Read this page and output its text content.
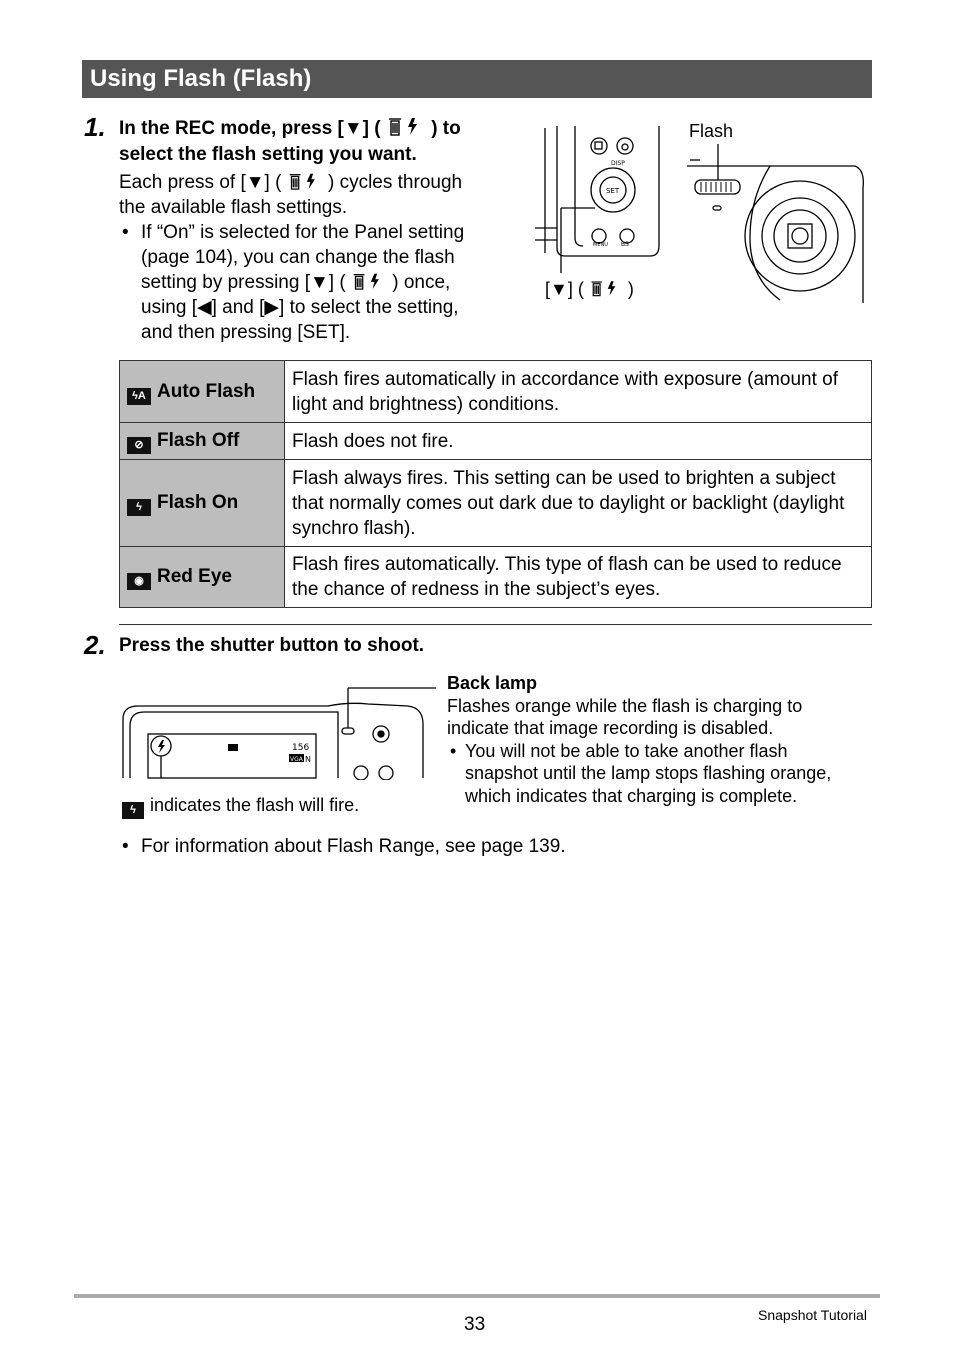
Using Flash (Flash)
1. In the REC mode, press [▼] (	) to
select the flash setting you want.
Each press of [▼] ( ) cycles through
the available flash settings.
• If “On” is selected for the Panel setting
(page 104), you can change the flash
setting by pressing [▼] ( ) once,
using [◀] and [▶] to select the setting,
and then pressing [SET].
DISP
SET
MENU BS
Flash
[▼] ( )
ϟA Auto Flash	Flash fires automatically in accordance with exposure (amount of light and brightness) conditions.
⊘ Flash Off	Flash does not fire.
ϟ Flash On	Flash always fires. This setting can be used to brighten a subject that normally comes out dark due to daylight or backlight (daylight synchro flash).
◉ Red Eye	Flash fires automatically. This type of flash can be used to reduce the chance of redness in the subject’s eyes.
2. Press the shutter button to shoot.
156
VGA N
Back lamp
Flashes orange while the flash is charging to
indicate that image recording is disabled.
• You will not be able to take another flash
snapshot until the lamp stops flashing orange,
which indicates that charging is complete.
ϟ indicates the flash will fire.
• For information about Flash Range, see page 139.
33	Snapshot Tutorial
